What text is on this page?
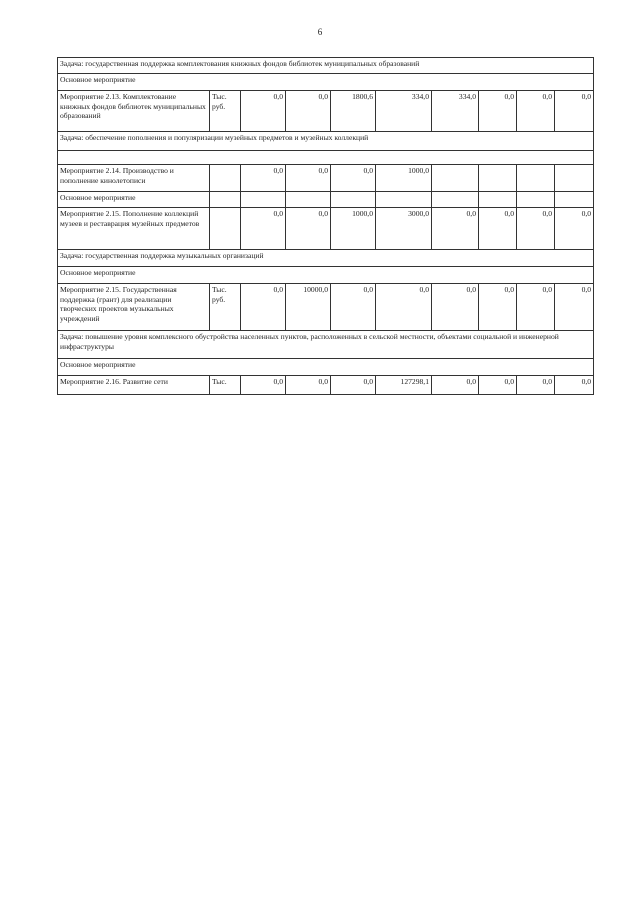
6
Задача: государственная поддержка комплектования книжных фондов библиотек муниципальных образований									
Основное мероприятие									
Мероприятие 2.13. Комплектование книжных фондов библиотек муниципальных образований	Тыс. руб.	0,0	0,0	1800,6	334,0	334,0	0,0	0,0	0,0
Задача: обеспечение пополнения и популяризации музейных предметов и музейных коллекций									

Мероприятие 2.14. Производство и пополнение кинолетописи		0,0	0,0	0,0	1000,0				
Основное мероприятие									
Мероприятие 2.15. Пополнение коллекций музеев и реставрация музейных предметов		0,0	0,0	1000,0	3000,0	0,0	0,0	0,0	0,0
Задача: государственная поддержка музыкальных организаций									
Основное мероприятие									
Мероприятие 2.15. Государственная поддержка (грант) для реализации творческих проектов музыкальных учреждений	Тыс. руб.	0,0	10000,0	0,0	0,0	0,0	0,0	0,0	0,0
Задача: повышение уровня комплексного обустройства населенных пунктов, расположенных в сельской местности, объектами социальной и инженерной инфраструктуры									
Основное мероприятие									
Мероприятие 2.16. Развитие сети	Тыс.	0,0	0,0	0,0	127298,1	0,0	0,0	0,0	0,0
